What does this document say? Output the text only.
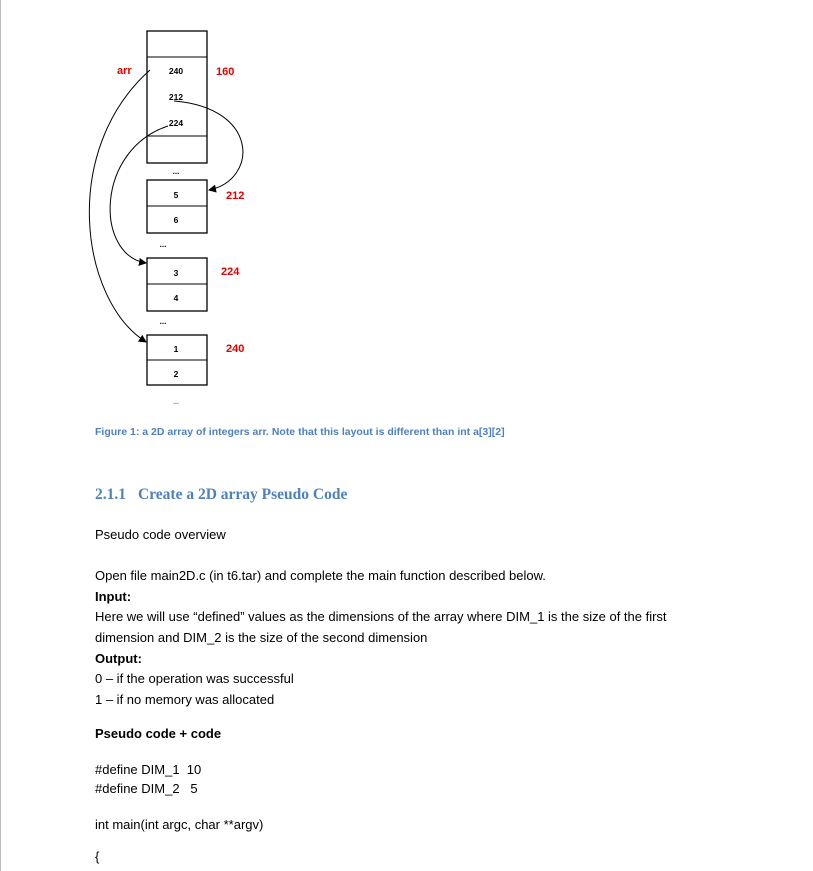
240
212
224
arr	160
...
5
6
212
...
3
4
224
...
1
2
240
...
Figure 1: a 2D array of integers arr. Note that this layout is different than int a[3][2]
2.1.1 Create a 2D array Pseudo Code
Pseudo code overview
Open file main2D.c (in t6.tar) and complete the main function described below.
Input:
Here we will use “defined” values as the dimensions of the array where DIM_1 is the size of the first
dimension and DIM_2 is the size of the second dimension
Output:
0 – if the operation was successful
1 – if no memory was allocated
Pseudo code + code
#define DIM_1  10
#define DIM_2   5
int main(int argc, char **argv)
{
